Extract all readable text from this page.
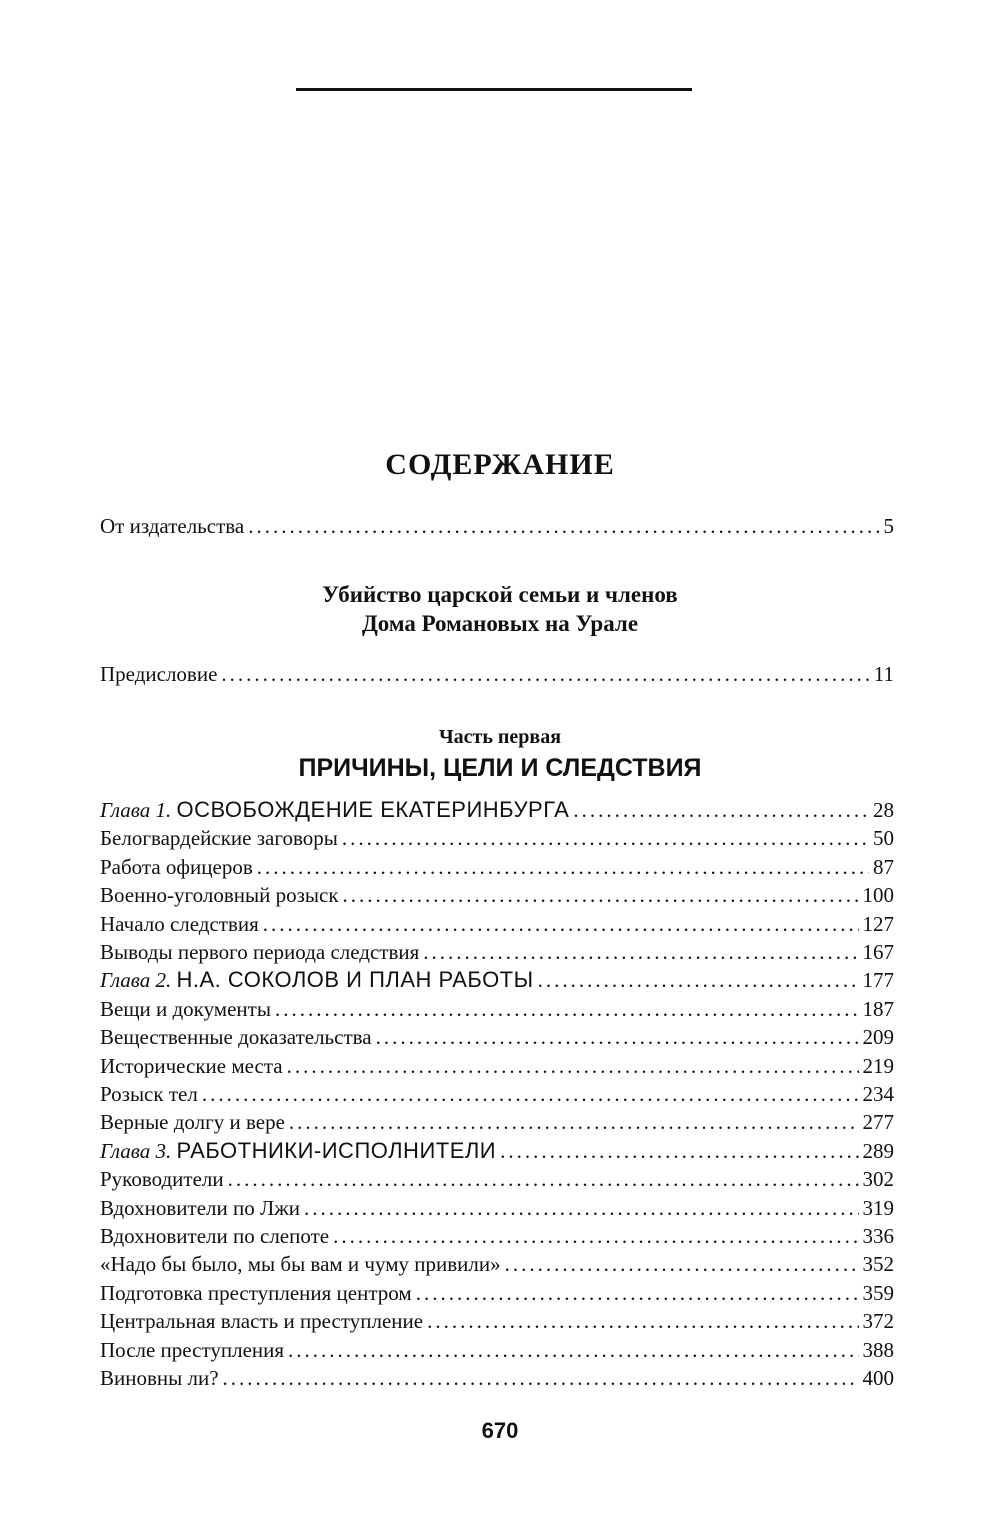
СОДЕРЖАНИЕ
От издательства .....	5
Убийство царской семьи и членов
Дома Романовых на Урале
Предисловие .....	11
Часть первая
ПРИЧИНЫ, ЦЕЛИ И СЛЕДСТВИЯ
Глава 1. ОСВОБОЖДЕНИЕ ЕКАТЕРИНБУРГА .....	28
Белогвардейские заговоры .....	50
Работа офицеров .....	87
Военно-уголовный розыск .....	100
Начало следствия .....	127
Выводы первого периода следствия .....	167
Глава 2. Н.А. СОКОЛОВ И ПЛАН РАБОТЫ .....	177
Вещи и документы .....	187
Вещественные доказательства .....	209
Исторические места .....	219
Розыск тел .....	234
Верные долгу и вере .....	277
Глава 3. РАБОТНИКИ-ИСПОЛНИТЕЛИ .....	289
Руководители .....	302
Вдохновители по Лжи .....	319
Вдохновители по слепоте .....	336
«Надо бы было, мы бы вам и чуму привили» .....	352
Подготовка преступления центром .....	359
Центральная власть и преступление .....	372
После преступления .....	388
Виновны ли? .....	400

670
